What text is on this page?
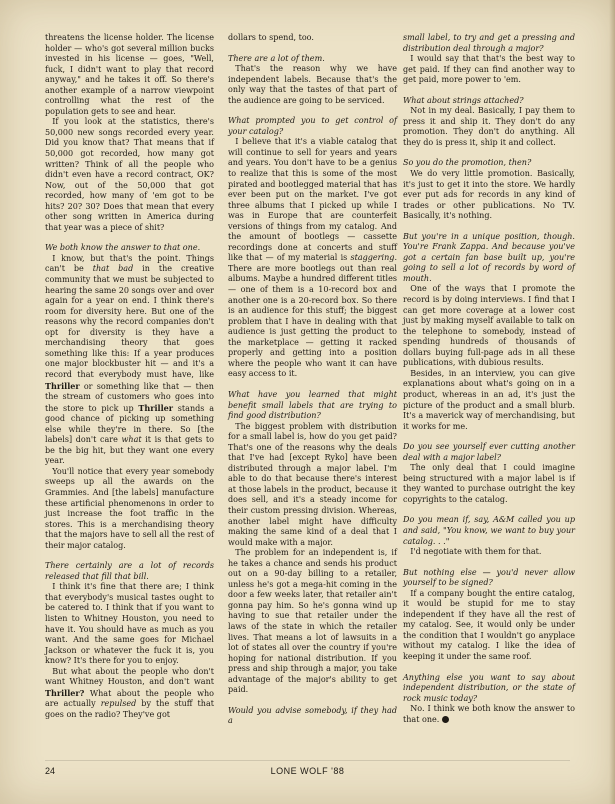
threatens the license holder. The license holder — who's got several million bucks invested in his license — goes, "Well, fuck, I didn't want to play that record anyway," and he takes it off. So there's another example of a narrow viewpoint controlling what the rest of the population gets to see and hear.

If you look at the statistics, there's 50,000 new songs recorded every year. Did you know that? That means that if 50,000 got recorded, how many got written? Think of all the people who didn't even have a record contract, OK? Now, out of the 50,000 that got recorded, how many of 'em got to be hits? 20? 30? Does that mean that every other song written in America during that year was a piece of shit?

We both know the answer to that one.

I know, but that's the point. Things can't be that bad in the creative community that we must be subjected to hearing the same 20 songs over and over again for a year on end. I think there's room for diversity here. But one of the reasons why the record companies don't opt for diversity is they have a merchandising theory that goes something like this: If a year produces one major blockbuster hit — and it's a record that everybody must have, like Thriller or something like that — then the stream of customers who goes into the store to pick up Thriller stands a good chance of picking up something else while they're in there. So [the labels] don't care what it is that gets to be the big hit, but they want one every year.

You'll notice that every year somebody sweeps up all the awards on the Grammies. And [the labels] manufacture these artificial phenomenons in order to just increase the foot traffic in the stores. This is a merchandising theory that the majors have to sell all the rest of their major catalog.

There certainly are a lot of records released that fill that bill.

I think it's fine that there are; I think that everybody's musical tastes ought to be catered to. I think that if you want to listen to Whitney Houston, you need to have it. You should have as much as you want. And the same goes for Michael Jackson or whatever the fuck it is, you know? It's there for you to enjoy.

But what about the people who don't want Whitney Houston, and don't want Thriller? What about the people who are actually repulsed by the stuff that goes on the radio? They've got

dollars to spend, too.

There are a lot of them.

That's the reason why we have independent labels. Because that's the only way that the tastes of that part of the audience are going to be serviced.

What prompted you to get control of your catalog?

I believe that it's a viable catalog that will continue to sell for years and years and years. You don't have to be a genius to realize that this is some of the most pirated and bootlegged material that has ever been put on the market. I've got three albums that I picked up while I was in Europe that are counterfeit versions of things from my catalog. And the amount of bootlegs — cassette recordings done at concerts and stuff like that — of my material is staggering. There are more bootlegs out than real albums. Maybe a hundred different titles — one of them is a 10-record box and another one is a 20-record box. So there is an audience for this stuff; the biggest problem that I have in dealing with that audience is just getting the product to the marketplace — getting it racked properly and getting into a position where the people who want it can have easy access to it.

What have you learned that might benefit small labels that are trying to find good distribution?

The biggest problem with distribution for a small label is, how do you get paid? That's one of the reasons why the deals that I've had [except Ryko] have been distributed through a major label. I'm able to do that because there's interest at those labels in the product, because it does sell, and it's a steady income for their custom pressing division. Whereas, another label might have difficulty making the same kind of a deal that I would make with a major.

The problem for an independent is, if he takes a chance and sends his product out on a 90-day billing to a retailer, unless he's got a mega-hit coming in the door a few weeks later, that retailer ain't gonna pay him. So he's gonna wind up having to sue that retailer under the laws of the state in which the retailer lives. That means a lot of lawsuits in a lot of states all over the country if you're hoping for national distribution. If you press and ship through a major, you take advantage of the major's ability to get paid.

Would you advise somebody, if they had a

small label, to try and get a pressing and distribution deal through a major?

I would say that that's the best way to get paid. If they can find another way to get paid, more power to 'em.

What about strings attached?

Not in my deal. Basically, I pay them to press it and ship it. They don't do any promotion. They don't do anything. All they do is press it, ship it and collect.

So you do the promotion, then?

We do very little promotion. Basically, it's just to get it into the store. We hardly ever put ads for records in any kind of trades or other publications. No TV. Basically, it's nothing.

But you're in a unique position, though. You're Frank Zappa. And because you've got a certain fan base built up, you're going to sell a lot of records by word of mouth.

One of the ways that I promote the record is by doing interviews. I find that I can get more coverage at a lower cost just by making myself available to talk on the telephone to somebody, instead of spending hundreds of thousands of dollars buying full-page ads in all these publications, with dubious results.

Besides, in an interview, you can give explanations about what's going on in a product, whereas in an ad, it's just the picture of the product and a small blurb. It's a maverick way of merchandising, but it works for me.

Do you see yourself ever cutting another deal with a major label?

The only deal that I could imagine being structured with a major label is if they wanted to purchase outright the key copyrights to the catalog.

Do you mean if, say, A&M called you up and said, "You know, we want to buy your catalog. . ."

I'd negotiate with them for that.

But nothing else — you'd never allow yourself to be signed?

If a company bought the entire catalog, it would be stupid for me to stay independent if they have all the rest of my catalog. See, it would only be under the condition that I wouldn't go anyplace without my catalog. I like the idea of keeping it under the same roof.

Anything else you want to say about independent distribution, or the state of rock music today?

No. I think we both know the answer to that one.

24	LONE WOLF '88
